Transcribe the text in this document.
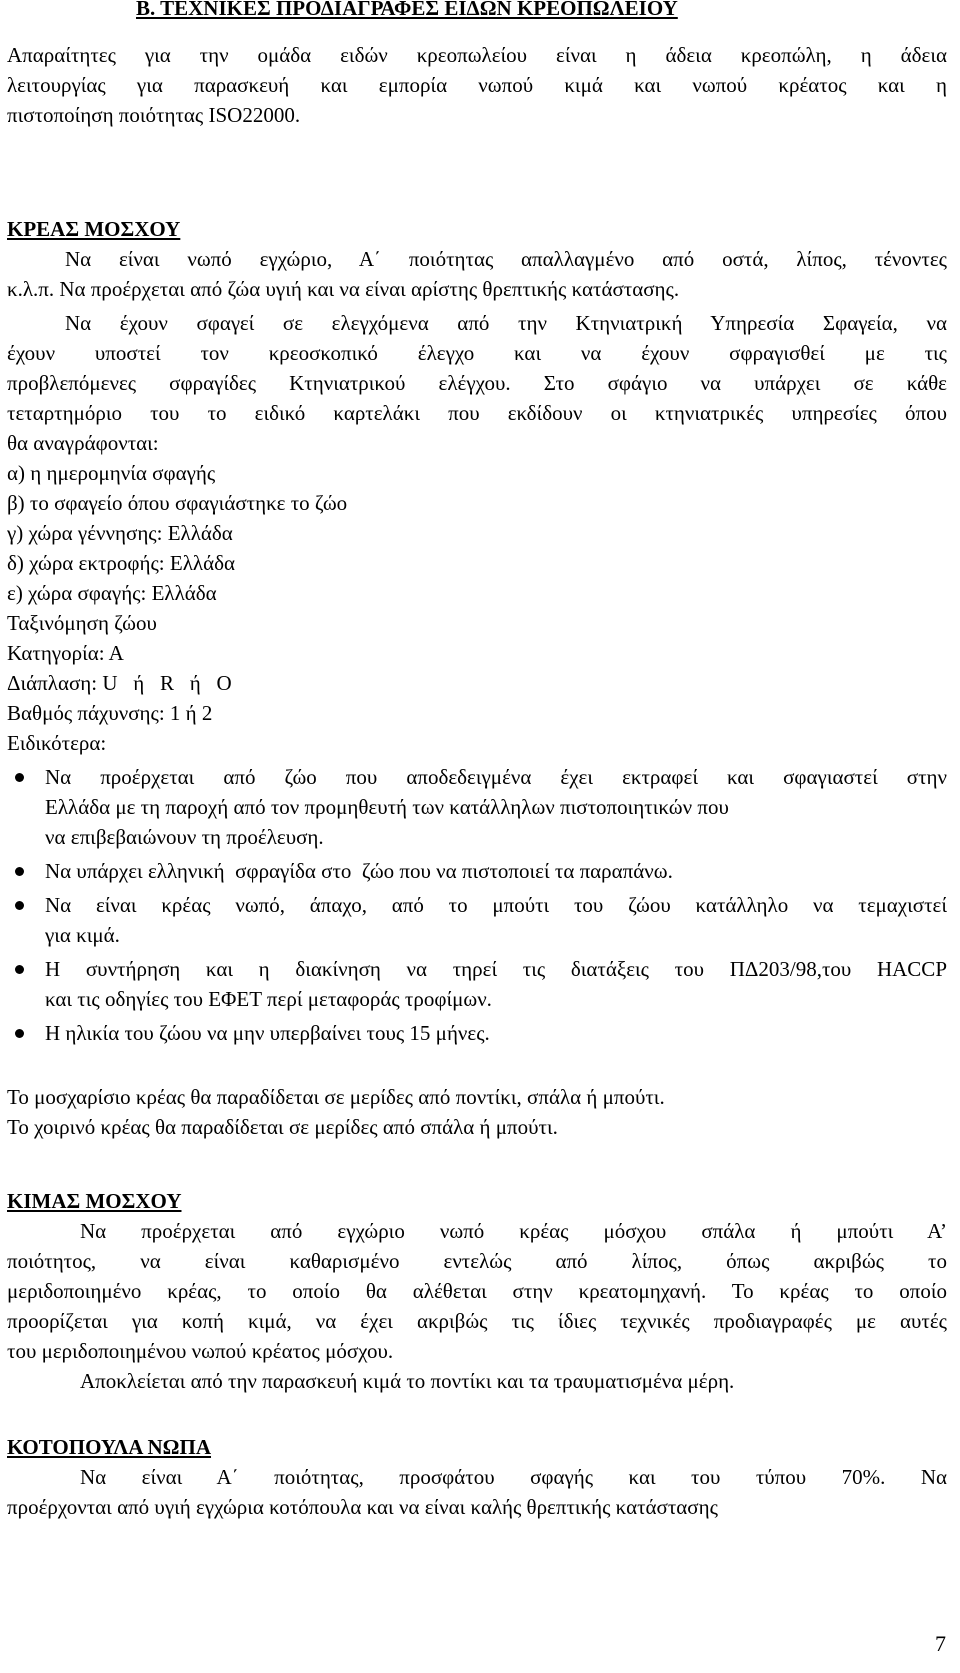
Β. ΤΕΧΝΙΚΕΣ ΠΡΟΔΙΑΓΡΑΦΕΣ ΕΙΔΩΝ ΚΡΕΟΠΩΛΕΙΟΥ
Απαραίτητες για την ομάδα ειδών κρεοπωλείου είναι η άδεια κρεοπώλη, η άδεια
λειτουργίας για παρασκευή και εμπορία νωπού κιμά και νωπού κρέατος και η
πιστοποίηση ποιότητας ISO22000.
ΚΡΕΑΣ ΜΟΣΧΟΥ
Να είναι νωπό εγχώριο, Α΄ ποιότητας απαλλαγμένο από οστά, λίπος, τένοντες
κ.λ.π. Να προέρχεται από ζώα υγιή και να είναι αρίστης θρεπτικής κατάστασης.
Να έχουν σφαγεί σε ελεγχόμενα από την Κτηνιατρική Υπηρεσία Σφαγεία, να
έχουν υποστεί τον κρεοσκοπικό έλεγχο και να έχουν σφραγισθεί με τις
προβλεπόμενες σφραγίδες Κτηνιατρικού ελέγχου. Στο σφάγιο να υπάρχει σε κάθε
τεταρτημόριο του το ειδικό καρτελάκι που εκδίδουν οι κτηνιατρικές υπηρεσίες όπου
θα αναγράφονται:
α) η ημερομηνία σφαγής
β) το σφαγείο όπου σφαγιάστηκε το ζώο
γ) χώρα γέννησης: Ελλάδα
δ) χώρα εκτροφής: Ελλάδα
ε) χώρα σφαγής: Ελλάδα
Ταξινόμηση ζώου
Κατηγορία: Α
Διάπλαση: U   ή   R   ή   O
Βαθμός πάχυνσης: 1 ή 2
Ειδικότερα:
Να προέρχεται από ζώο που αποδεδειγμένα έχει εκτραφεί και σφαγιαστεί στην
Ελλάδα με τη παροχή από τον προμηθευτή των κατάλληλων πιστοποιητικών που
να επιβεβαιώνουν τη προέλευση.
Να υπάρχει ελληνική  σφραγίδα στο  ζώο που να πιστοποιεί τα παραπάνω.
Να είναι κρέας νωπό, άπαχο, από το μπούτι του ζώου κατάλληλο να τεμαχιστεί
για κιμά.
Η συντήρηση και η διακίνηση να τηρεί τις διατάξεις του ΠΔ203/98,του HACCP
και τις οδηγίες του ΕΦΕΤ περί μεταφοράς τροφίμων.
Η ηλικία του ζώου να μην υπερβαίνει τους 15 μήνες.
Το μοσχαρίσιο κρέας θα παραδίδεται σε μερίδες από ποντίκι, σπάλα ή μπούτι.
Το χοιρινό κρέας θα παραδίδεται σε μερίδες από σπάλα ή μπούτι.
ΚΙΜΑΣ ΜΟΣΧΟΥ
Να προέρχεται από εγχώριο νωπό κρέας μόσχου σπάλα ή μπούτι Α’
ποιότητος, να είναι καθαρισμένο εντελώς από λίπος, όπως ακριβώς το
μεριδοποιημένο κρέας, το οποίο θα αλέθεται στην κρεατομηχανή. Το κρέας το οποίο
προορίζεται για κοπή κιμά, να έχει ακριβώς τις ίδιες τεχνικές προδιαγραφές με αυτές
του μεριδοποιημένου νωπού κρέατος μόσχου.
Αποκλείεται από την παρασκευή κιμά το ποντίκι και τα τραυματισμένα μέρη.
ΚΟΤΟΠΟΥΛΑ ΝΩΠΑ
Να είναι Α΄ ποιότητας, προσφάτου σφαγής και του τύπου 70%. Να
προέρχονται από υγιή εγχώρια κοτόπουλα και να είναι καλής θρεπτικής κατάστασης
7
